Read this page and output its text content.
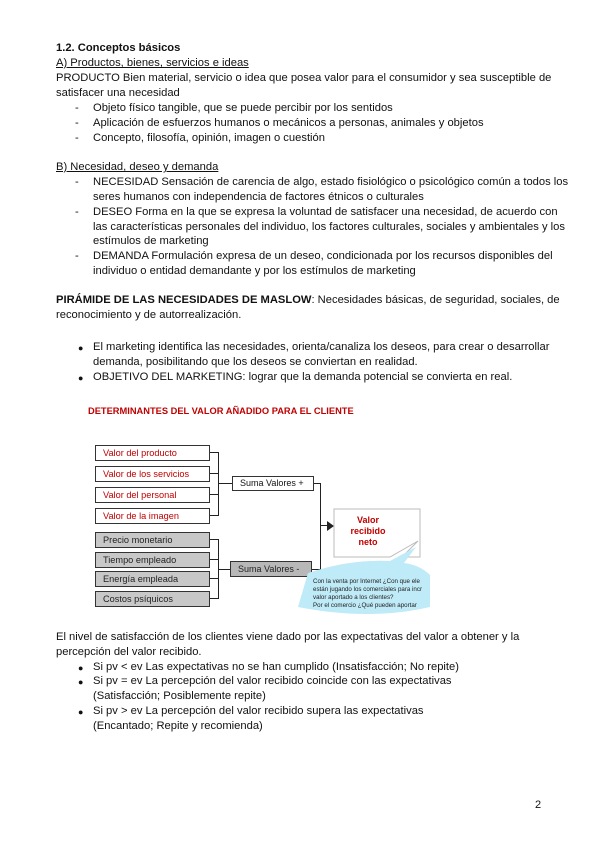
1.2. Conceptos básicos
A) Productos, bienes, servicios e ideas
PRODUCTO Bien material, servicio o idea que posea valor para el consumidor y sea susceptible de
satisfacer una necesidad
- Objeto físico tangible, que se puede percibir por los sentidos
- Aplicación de esfuerzos humanos o mecánicos a personas, animales y objetos
- Concepto, filosofía, opinión, imagen o cuestión
B) Necesidad, deseo y demanda
- NECESIDAD Sensación de carencia de algo, estado fisiológico o psicológico común a todos los
seres humanos con independencia de factores étnicos o culturales
- DESEO Forma en la que se expresa la voluntad de satisfacer una necesidad, de acuerdo con
las características personales del individuo, los factores culturales, sociales y ambientales y los
estímulos de marketing
- DEMANDA Formulación expresa de un deseo, condicionada por los recursos disponibles del
individuo o entidad demandante y por los estímulos de marketing
PIRÁMIDE DE LAS NECESIDADES DE MASLOW: Necesidades básicas, de seguridad, sociales, de
reconocimiento y de autorrealización.
● El marketing identifica las necesidades, orienta/canaliza los deseos, para crear o desarrollar
demanda, posibilitando que los deseos se conviertan en realidad.
● OBJETIVO DEL MARKETING: lograr que la demanda potencial se convierta en real.
DETERMINANTES DEL VALOR AÑADIDO PARA EL CLIENTE
Valor del producto
Valor de los servicios
Valor del personal
Valor de la imagen
Precio monetario
Tiempo empleado
Energía empleada
Costos psíquicos
Suma Valores +
Suma Valores -
Valor
recibido
neto
Con la venta por Internet ¿Con que ele
están jugando los comerciales para incr
valor aportado a los clientes?
Por el comercio ¿Qué pueden aportar
El nivel de satisfacción de los clientes viene dado por las expectativas del valor a obtener y la
percepción del valor recibido.
● Si pv < ev Las expectativas no se han cumplido (Insatisfacción; No repite)
● Si pv = ev La percepción del valor recibido coincide con las expectativas
(Satisfacción; Posiblemente repite)
● Si pv > ev La percepción del valor recibido supera las expectativas
(Encantado; Repite y recomienda)
2
